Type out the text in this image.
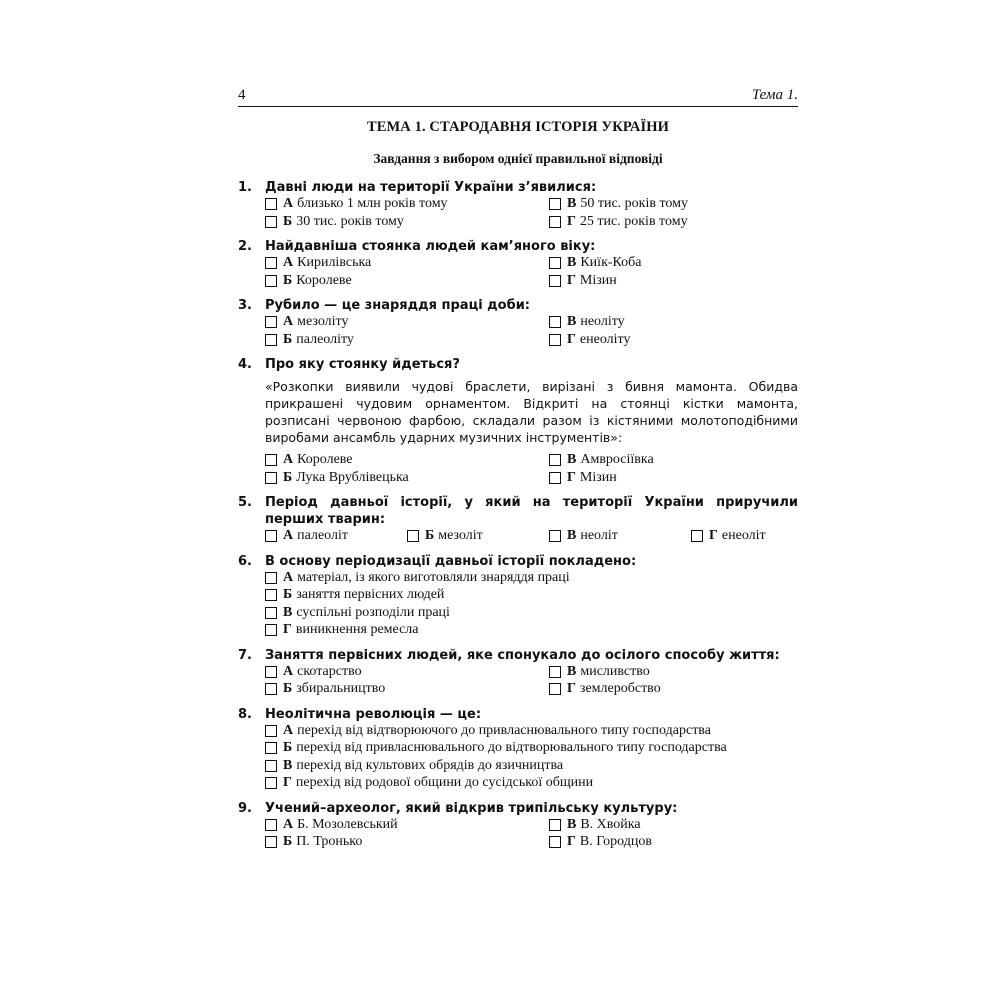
4	Тема 1.
ТЕМА 1. СТАРОДАВНЯ ІСТОРІЯ УКРАЇНИ
Завдання з вибором однієї правильної відповіді
1.	Давні люди на території України з’явилися:
А близько 1 млн років тому	В 50 тис. років тому
Б 30 тис. років тому	Г 25 тис. років тому
2.	Найдавніша стоянка людей кам’яного віку:
А Кирилівська	В Киїк-Коба
Б Королеве	Г Мізин
3.	Рубило — це знаряддя праці доби:
А мезоліту	В неоліту
Б палеоліту	Г енеоліту
4.	Про яку стоянку йдеться?
«Розкопки виявили чудові браслети, вирізані з бивня мамонта. Обидва прикрашені чудовим орнаментом. Відкриті на стоянці кістки мамонта, розписані червоною фарбою, складали разом із кістяними молотоподібними виробами ансамбль ударних музичних інструментів»:
А Королеве	В Амвросіївка
Б Лука Врублівецька	Г Мізин
5.	Період давньої історії, у який на території України приручили перших тварин:
А палеоліт	Б мезоліт	В неоліт	Г енеоліт
6.	В основу періодизації давньої історії покладено:
А матеріал, із якого виготовляли знаряддя праці
Б заняття первісних людей
В суспільні розподіли праці
Г виникнення ремесла
7.	Заняття первісних людей, яке спонукало до осілого способу життя:
А скотарство	В мисливство
Б збиральництво	Г землеробство
8.	Неолітична революція — це:
А перехід від відтворюючого до привласнювального типу господарства
Б перехід від привласнювального до відтворювального типу господарства
В перехід від культових обрядів до язичництва
Г перехід від родової общини до сусідської общини
9.	Учений–археолог, який відкрив трипільську культуру:
А Б. Мозолевський	В В. Хвойка
Б П. Тронько	Г В. Городцов
